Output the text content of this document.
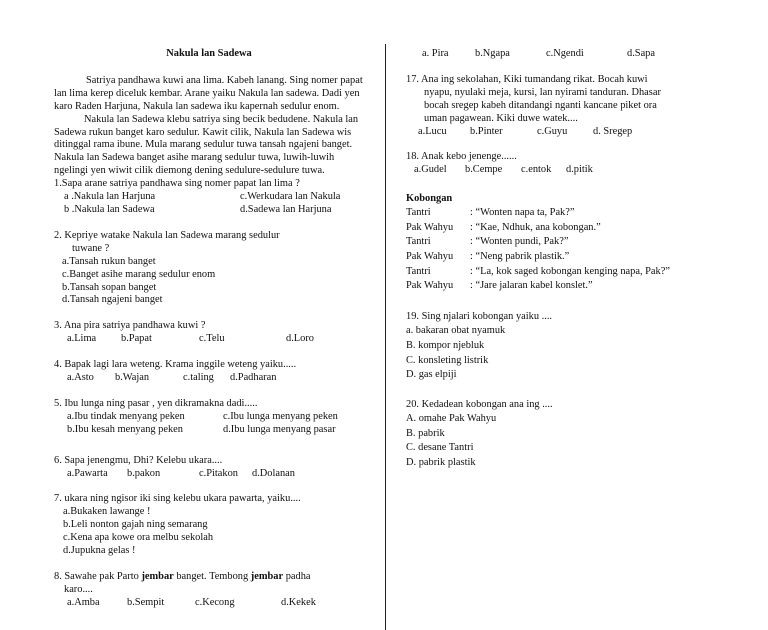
Nakula lan Sadewa

Satriya pandhawa kuwi ana lima. Kabeh lanang. Sing nomer papat lan lima kerep diceluk kembar. Arane yaiku Nakula lan sadewa. Dadi yen karo Raden Harjuna, Nakula lan sadewa iku kapernah sedulur enom.

Nakula lan Sadewa klebu satriya sing becik bedudene. Nakula lan Sadewa rukun banget karo sedulur. Kawit cilik, Nakula lan Sadewa wis ditinggal rama ibune. Mula marang sedulur tuwa tansah ngajeni banget. Nakula lan Sadewa banget asihe marang sedulur tuwa, luwih-luwih ngelingi yen wiwit cilik diemong dening sedulure-sedulure tuwa.

1.Sapa arane satriya pandhawa sing nomer papat lan lima ?

a .Nakula lan Harjuna	c.Werkudara lan Nakula
b .Nakula lan Sadewa	d.Sadewa lan Harjuna

2. Kepriye watake Nakula lan Sadewa marang sedulur

tuwane ?

a.Tansah rukun banget

c.Banget asihe marang sedulur enom

b.Tansah sopan banget

d.Tansah ngajeni banget

3. Ana pira satriya pandhawa kuwi ?

a.Lima	b.Papat	c.Telu	d.Loro

4. Bapak lagi lara weteng. Krama inggile weteng yaiku.....

a.Asto	b.Wajan	c.taling	d.Padharan

5. Ibu lunga ning pasar , yen dikramakna dadi.....

a.Ibu tindak menyang peken	c.Ibu lunga menyang peken
b.Ibu kesah menyang peken	d.Ibu lunga menyang pasar

6. Sapa jenengmu, Dhi? Kelebu ukara....

a.Pawarta	b.pakon	c.Pitakon	d.Dolanan

7. ukara ning ngisor iki sing kelebu ukara pawarta, yaiku....

a.Bukaken lawange !

b.Leli nonton gajah ning semarang

c.Kena apa kowe ora melbu sekolah

d.Jupukna gelas !

8. Sawahe pak Parto jembar banget. Tembong jembar padha

karo....

a.Amba	b.Sempit	c.Kecong	d.Kekek
a. Pira	b.Ngapa	c.Ngendi	d.Sapa

17. Ana ing sekolahan, Kiki tumandang rikat. Bocah kuwi

nyapu, nyulaki meja, kursi, lan nyirami tanduran. Dhasar

bocah sregep kabeh ditandangi nganti kancane piket ora

uman pagawean. Kiki duwe watek....

a.Lucu	b.Pinter	c.Guyu	d. Sregep

18. Anak kebo jenenge......

a.Gudel	b.Cempe	c.entok	d.pitik
Kobongan
Tantri	: “Wonten napa ta, Pak?”
Pak Wahyu	: “Kae, Ndhuk, ana kobongan.”
Tantri	: “Wonten pundi, Pak?”
Pak Wahyu	: “Neng pabrik plastik.”
Tantri	: “La, kok saged kobongan kenging napa, Pak?”
Pak Wahyu	: “Jare jalaran kabel konslet.”

19. Sing njalari kobongan yaiku ....

a. bakaran obat nyamuk

B. kompor njebluk

C. konsleting listrik

D. gas elpiji

20. Kedadean kobongan ana ing ....

A. omahe Pak Wahyu

B. pabrik

C. desane Tantri

D. pabrik plastik
